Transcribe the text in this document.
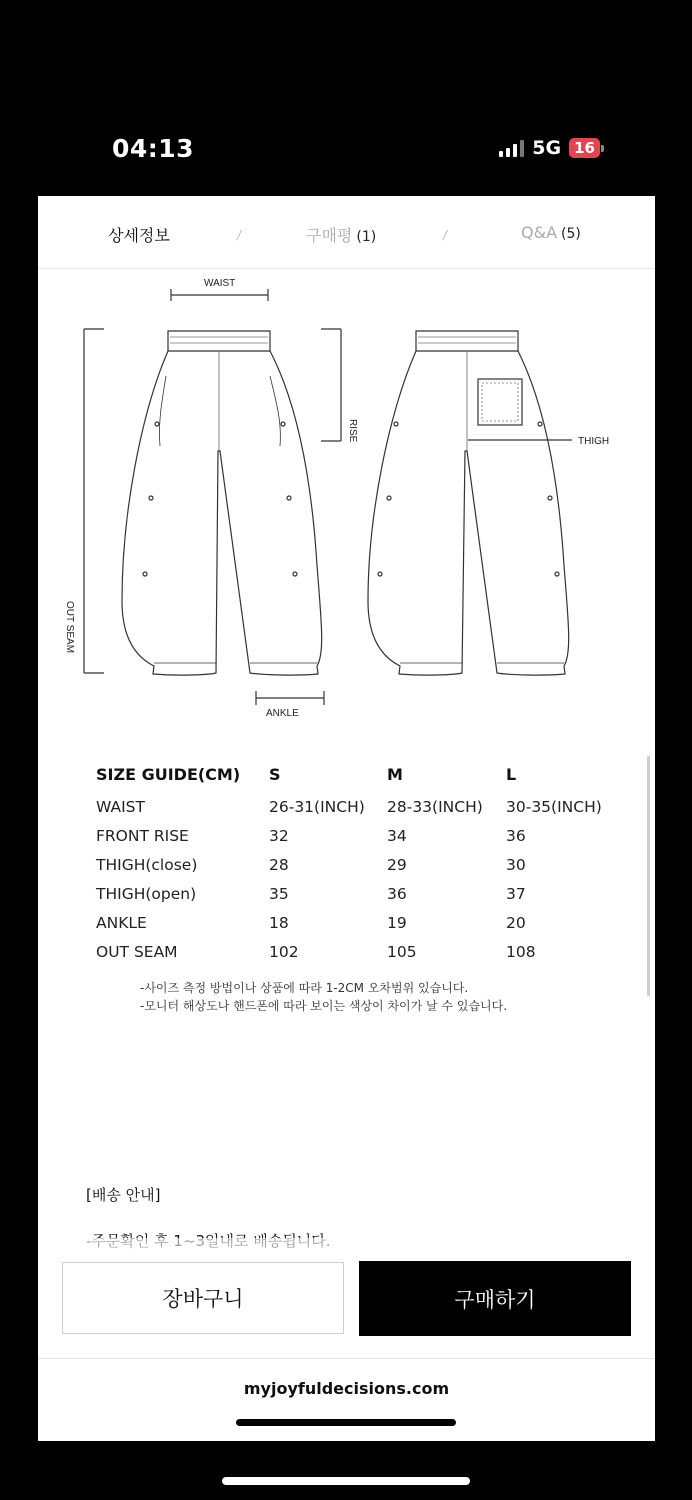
04:13	5G 16
상세정보	/	구매평 (1)	/	Q&A (5)
WAIST
ANKLE
THIGH
RISE
OUT SEAM
SIZE GUIDE(CM)	S	M	L
WAIST	26-31(INCH)	28-33(INCH)	30-35(INCH)
FRONT RISE	32	34	36
THIGH(close)	28	29	30
THIGH(open)	35	36	37
ANKLE	18	19	20
OUT SEAM	102	105	108
-사이즈 측정 방법이나 상품에 따라 1-2CM 오차범위 있습니다.
-모니터 해상도나 핸드폰에 따라 보이는 색상이 차이가 날 수 있습니다.
[배송 안내]
장바구니	구매하기
myjoyfuldecisions.com
